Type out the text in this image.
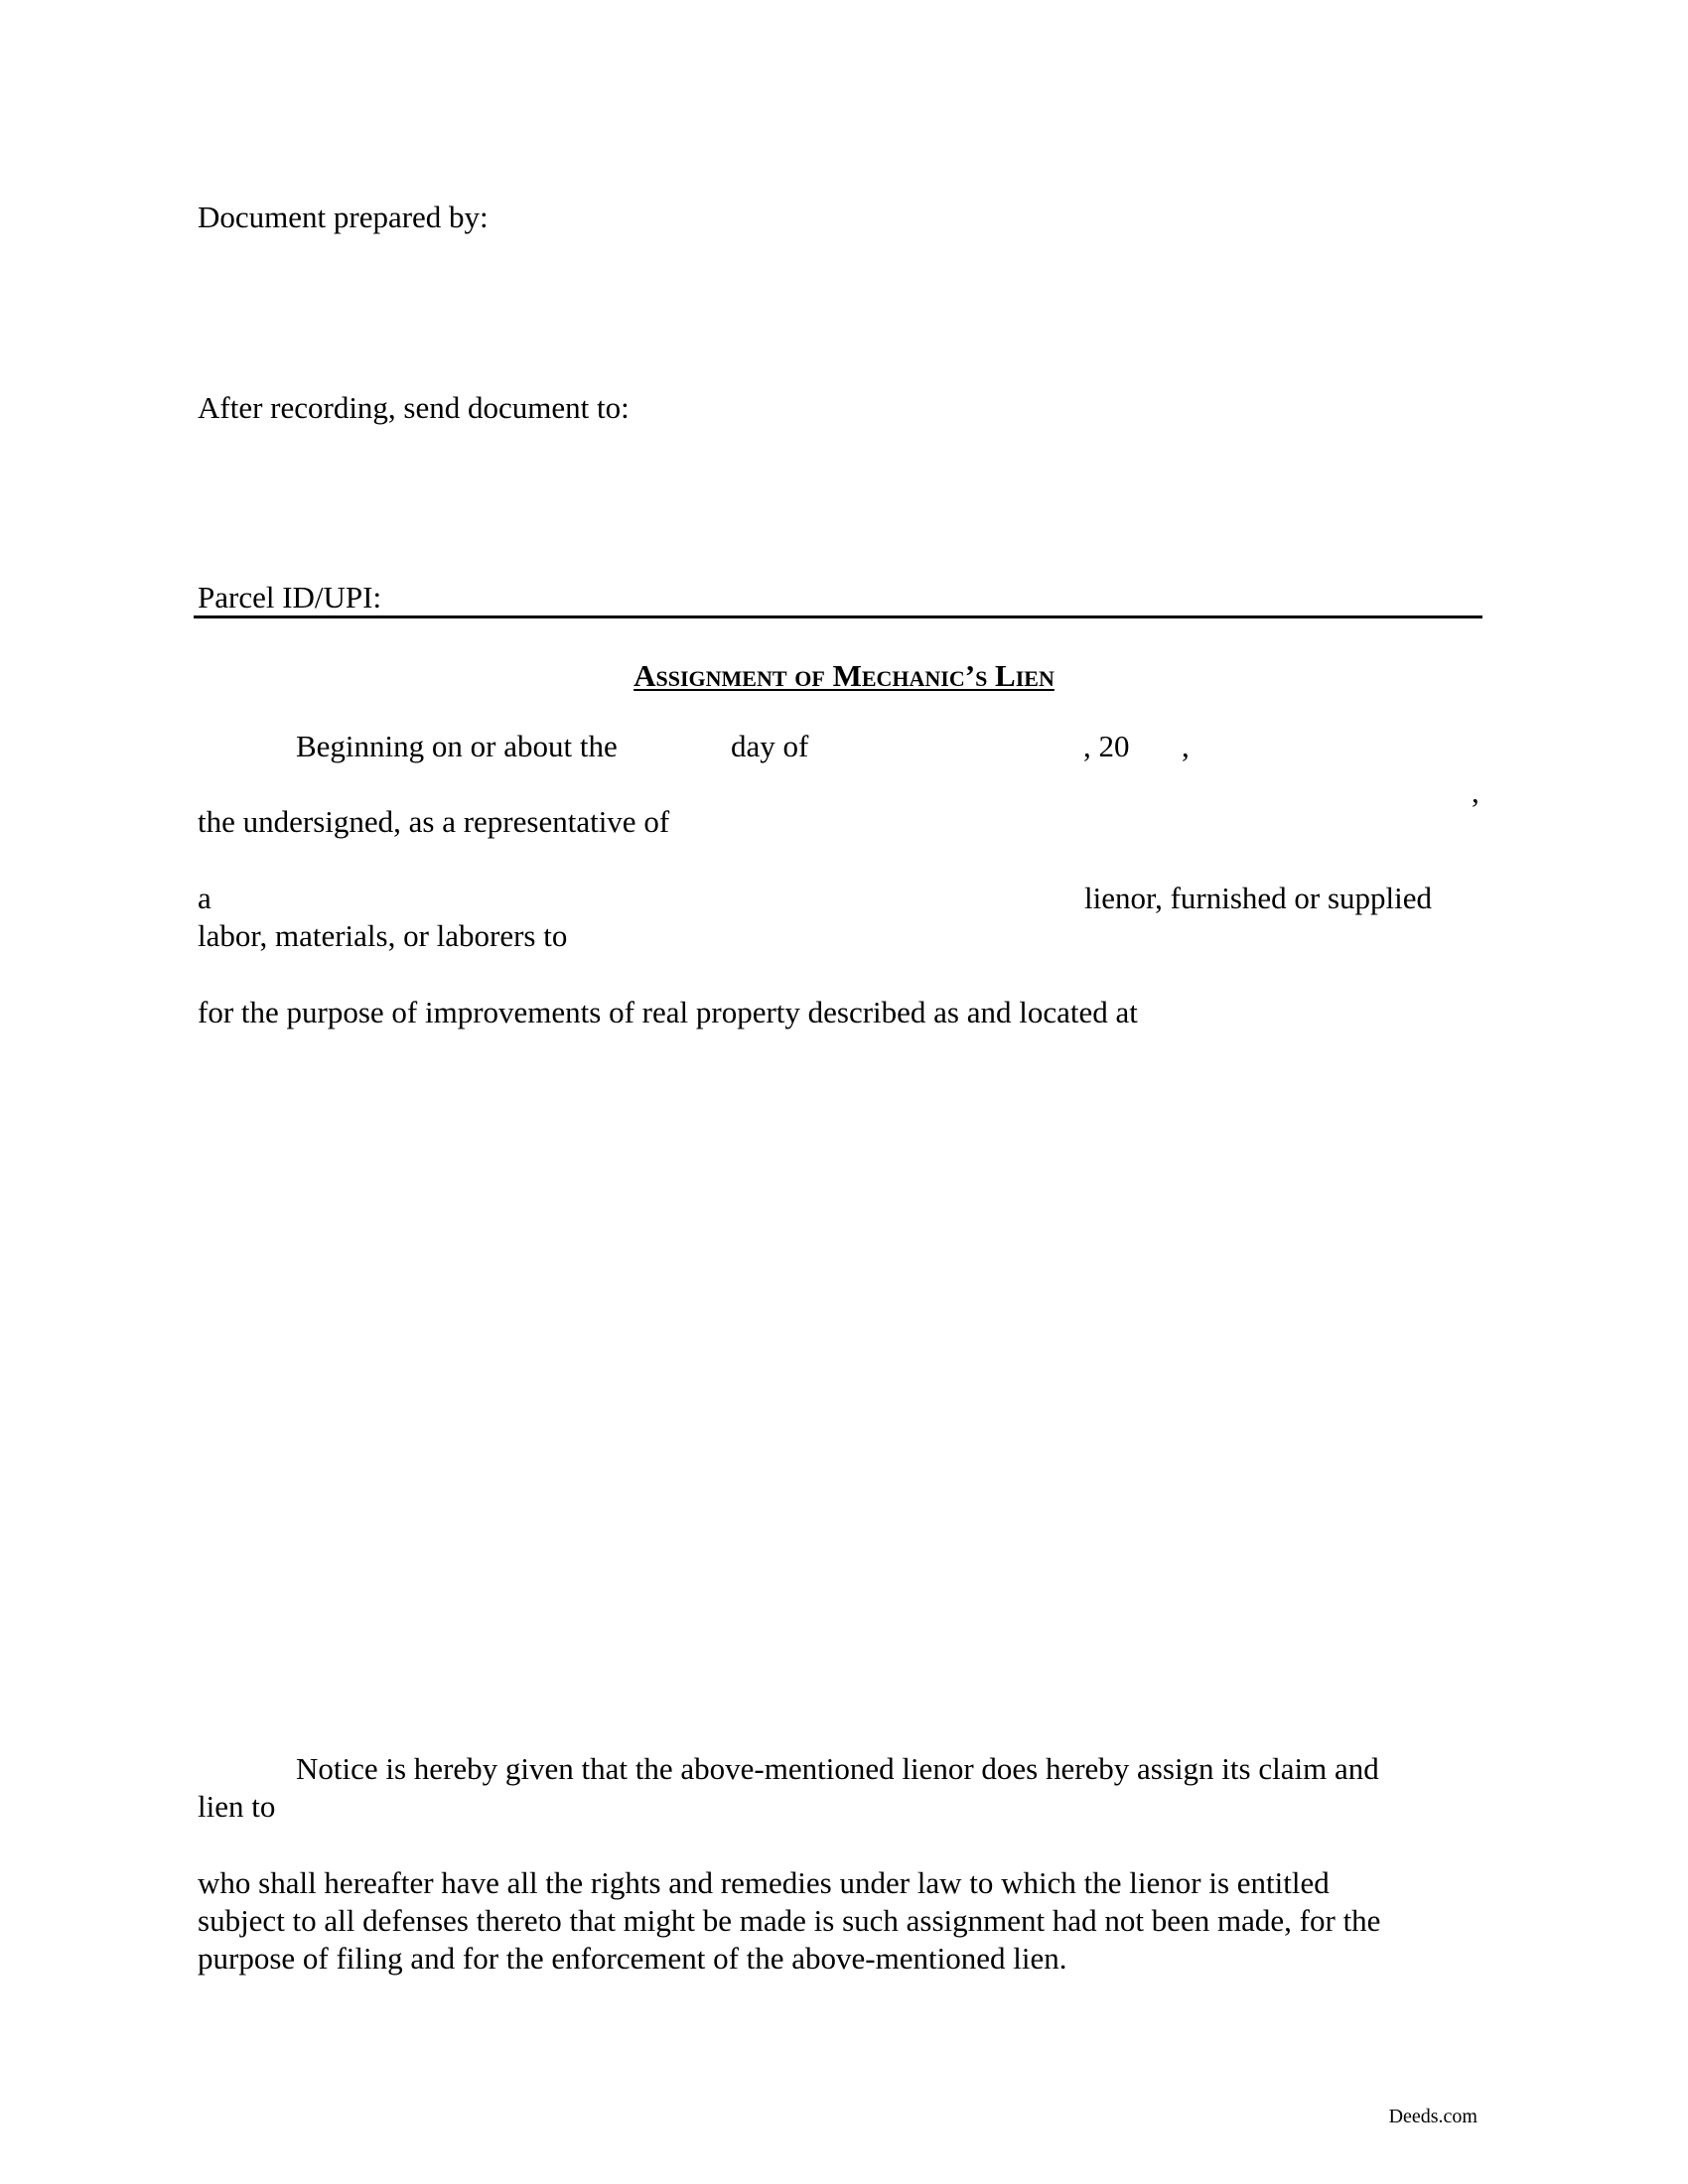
Document prepared by:
After recording, send document to:
Parcel ID/UPI:
Assignment of Mechanic’s Lien
Beginning on or about the	day of	, 20 ,
,
the undersigned, as a representative of
a	lienor, furnished or supplied
labor, materials, or laborers to
for the purpose of improvements of real property described as and located at
Notice is hereby given that the above-mentioned lienor does hereby assign its claim and
lien to
who shall hereafter have all the rights and remedies under law to which the lienor is entitled
subject to all defenses thereto that might be made is such assignment had not been made, for the
purpose of filing and for the enforcement of the above-mentioned lien.
Deeds.com
